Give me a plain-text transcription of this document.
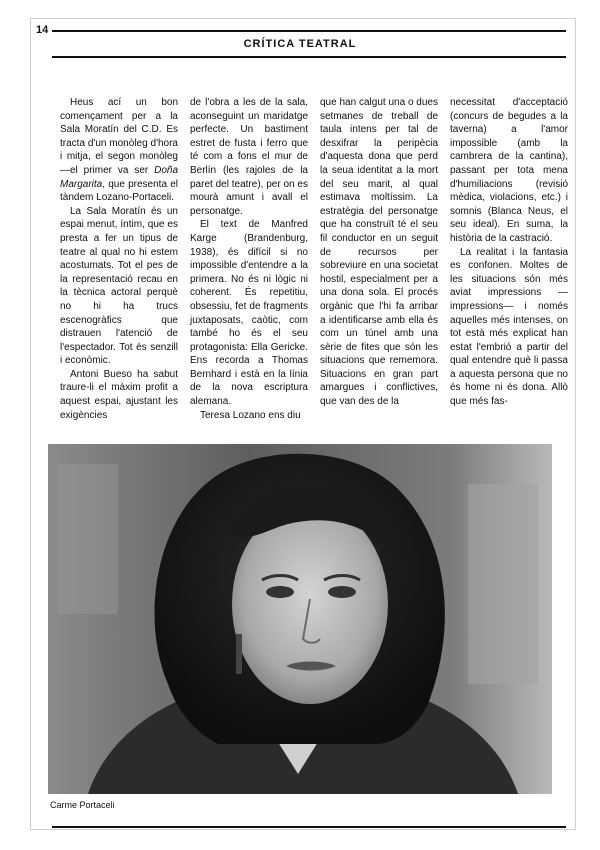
14
CRÍTICA TEATRAL

Heus ací un bon començament per a la Sala Moratín del C.D. Es tracta d'un monòleg d'hora i mitja, el segon monòleg —el primer va ser Doña Margarita, que presenta el tàndem Lozano-Portaceli.

La Sala Moratín és un espai menut, íntim, que es presta a fer un tipus de teatre al qual no hi estem acostumats. Tot el pes de la representació recau en la tècnica actoral perquè no hi ha trucs escenogràfics que distrauen l'atenció de l'espectador. Tot és senzill i econòmic.

Antoni Bueso ha sabut traure-li el màxim profit a aquest espai, ajustant les exigències

de l'obra a les de la sala, aconseguint un maridatge perfecte. Un bastiment estret de fusta i ferro que té com a fons el mur de Berlín (les rajoles de la paret del teatre), per on es mourà amunt i avall el personatge.

El text de Manfred Karge (Brandenburg, 1938), és difícil si no impossible d'entendre a la primera. No és ni lògic ni coherent. És repetitiu, obsessiu, fet de fragments juxtaposats, caòtic, com també ho és el seu protagonista: Ella Gericke. Ens recorda a Thomas Bernhard i està en la línia de la nova escriptura alemana.

Teresa Lozano ens diu

que han calgut una o dues setmanes de treball de taula intens per tal de desxifrar la peripècia d'aquesta dona que perd la seua identitat a la mort del seu marit, al qual estimava moltíssim. La estratègia del personatge que ha construït té el seu fil conductor en un seguit de recursos per sobreviure en una societat hostil, especialment per a una dona sola. El procés orgànic que l'hi fa arribar a identificarse amb ella és com un túnel amb una sèrie de fites que són les situacions que rememora. Situacions en gran part amargues i conflictives, que van des de la

necessitat d'acceptació (concurs de begudes a la taverna) a l'amor impossible (amb la cambrera de la cantina), passant per tota mena d'humiliacions (revisió mèdica, violacions, etc.) i somnis (Blanca Neus, el seu ideal). En suma, la història de la castració.

La realitat i la fantasia es confonen. Moltes de les situacions són més aviat impressions —impressions— i només aquelles més intenses, on tot està més explicat han estat l'embrió a partir del qual entendre què li passa a aquesta persona que no és home ni és dona. Allò que més fas-

Carme Portaceli
